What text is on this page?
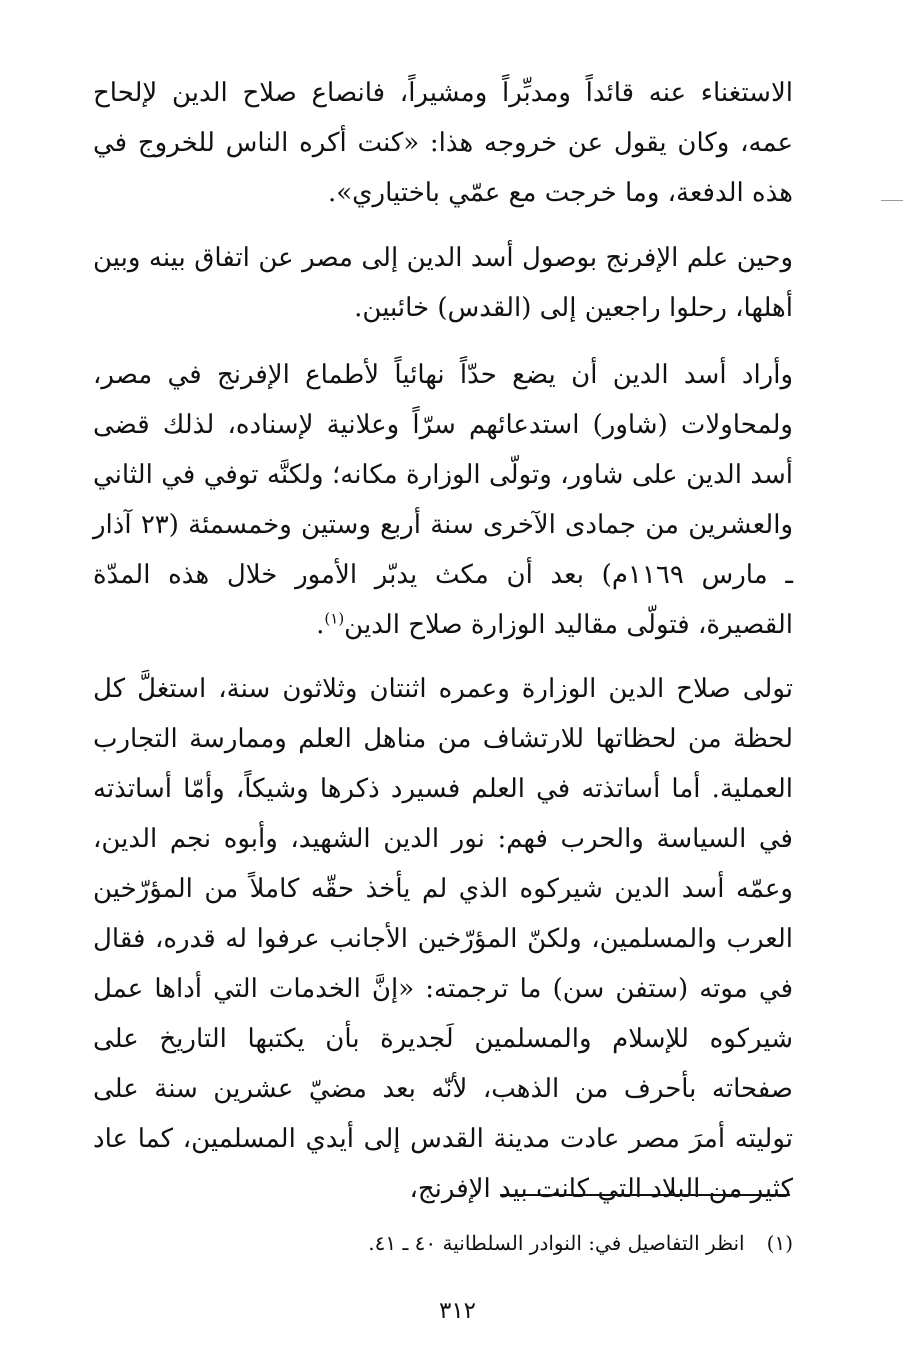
الاستغناء عنه قائداً ومدبِّراً ومشيراً، فانصاع صلاح الدين لإلحاح عمه، وكان يقول عن خروجه هذا: «كنت أكره الناس للخروج في هذه الدفعة، وما خرجت مع عمّي باختياري».

وحين علم الإفرنج بوصول أسد الدين إلى مصر عن اتفاق بينه وبين أهلها، رحلوا راجعين إلى (القدس) خائبين.

وأراد أسد الدين أن يضع حدّاً نهائياً لأطماع الإفرنج في مصر، ولمحاولات (شاور) استدعائهم سرّاً وعلانية لإسناده، لذلك قضى أسد الدين على شاور، وتولّى الوزارة مكانه؛ ولكنَّه توفي في الثاني والعشرين من جمادى الآخرى سنة أربع وستين وخمسمئة (٢٣ آذار ـ مارس ١١٦٩م) بعد أن مكث يدبّر الأمور خلال هذه المدّة القصيرة، فتولّى مقاليد الوزارة صلاح الدين$^{(١)}$.

تولى صلاح الدين الوزارة وعمره اثنتان وثلاثون سنة، استغلَّ كل لحظة من لحظاتها للارتشاف من مناهل العلم وممارسة التجارب العملية. أما أساتذته في العلم فسيرد ذكرها وشيكاً، وأمّا أساتذته في السياسة والحرب فهم: نور الدين الشهيد، وأبوه نجم الدين، وعمّه أسد الدين شيركوه الذي لم يأخذ حقّه كاملاً من المؤرّخين العرب والمسلمين، ولكنّ المؤرّخين الأجانب عرفوا له قدره، فقال في موته (ستفن سن) ما ترجمته: «إنَّ الخدمات التي أداها عمل شيركوه للإسلام والمسلمين لَجديرة بأن يكتبها التاريخ على صفحاته بأحرف من الذهب، لأنّه بعد مضيّ عشرين سنة على توليته أمرَ مصر عادت مدينة القدس إلى أيدي المسلمين، كما عاد كثير من البلاد التي كانت بيد الإفرنج،

(١)انظر التفاصيل في: النوادر السلطانية ٤٠ ـ ٤١.
٣١٢
